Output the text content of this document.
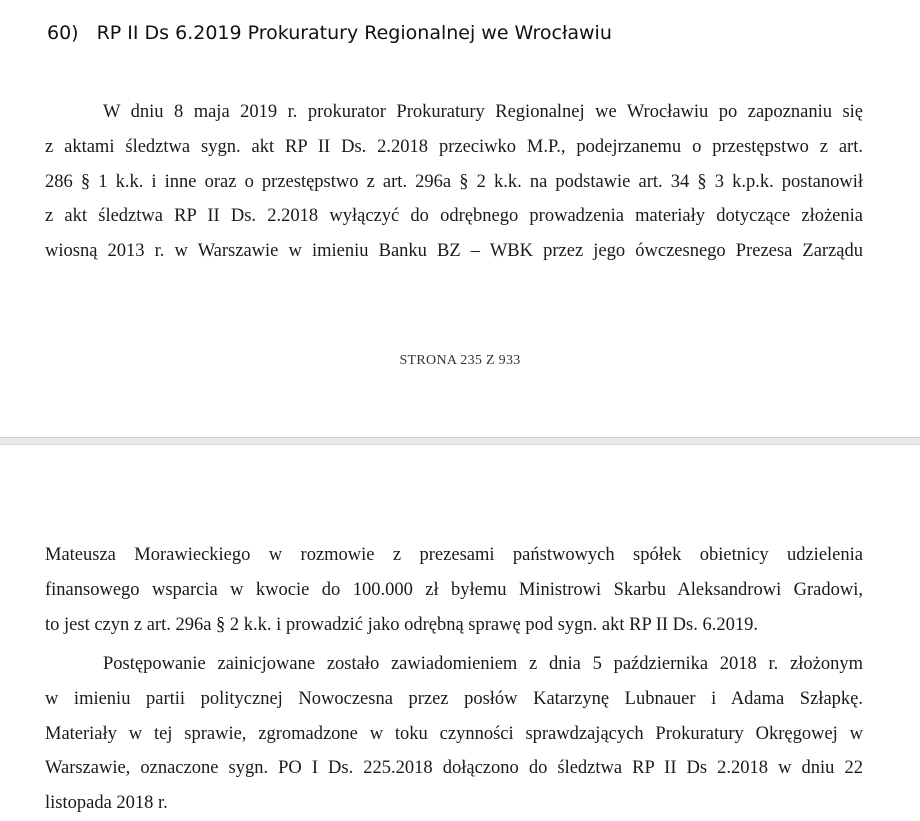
60) RP II Ds 6.2019 Prokuratury Regionalnej we Wrocławiu
W dniu 8 maja 2019 r. prokurator Prokuratury Regionalnej we Wrocławiu po zapoznaniu się
z aktami śledztwa sygn. akt RP II Ds. 2.2018 przeciwko M.P., podejrzanemu o przestępstwo z art.
286 § 1 k.k. i inne oraz o przestępstwo z art. 296a § 2 k.k. na podstawie art. 34 § 3 k.p.k. postanowił
z akt śledztwa RP II Ds. 2.2018 wyłączyć do odrębnego prowadzenia materiały dotyczące złożenia
wiosną 2013 r. w Warszawie w imieniu Banku BZ – WBK przez jego ówczesnego Prezesa Zarządu
STRONA 235 Z 933
Mateusza Morawieckiego w rozmowie z prezesami państwowych spółek obietnicy udzielenia
finansowego wsparcia w kwocie do 100.000 zł byłemu Ministrowi Skarbu Aleksandrowi Gradowi,
to jest czyn z art. 296a § 2 k.k. i prowadzić jako odrębną sprawę pod sygn. akt RP II Ds. 6.2019.
Postępowanie zainicjowane zostało zawiadomieniem z dnia 5 października 2018 r. złożonym
w imieniu partii politycznej Nowoczesna przez posłów Katarzynę Lubnauer i Adama Szłapkę.
Materiały w tej sprawie, zgromadzone w toku czynności sprawdzających Prokuratury Okręgowej w
Warszawie, oznaczone sygn. PO I Ds. 225.2018 dołączono do śledztwa RP II Ds 2.2018 w dniu 22
listopada 2018 r.
